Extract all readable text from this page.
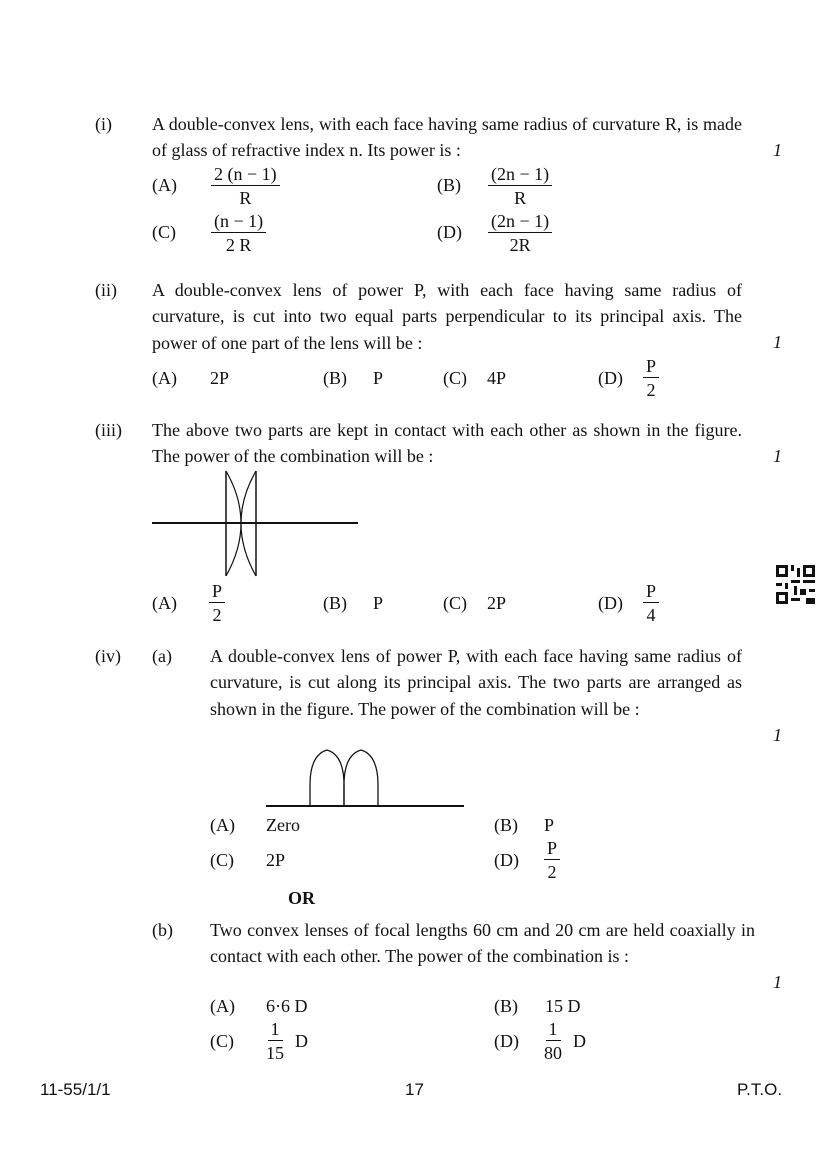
(i) A double-convex lens, with each face having same radius of curvature R, is made of glass of refractive index n. Its power is :	1
$(A) \frac{2 (n - 1)}{R}$	$(B) \frac{(2n - 1)}{R}$
$(C) \frac{(n - 1)}{2 R}$	$(D) \frac{(2n - 1)}{2R}$
(ii) A double-convex lens of power P, with each face having same radius of curvature, is cut into two equal parts perpendicular to its principal axis. The power of one part of the lens will be :	1
(A) 2P	(B) P	(C) 4P	$(D) \frac{P}{2}$
(iii) The above two parts are kept in contact with each other as shown in the figure. The power of the combination will be :	1
$(A) \frac{P}{2}$	(B) P	(C) 2P	$(D) \frac{P}{4}$
(iv) (a) A double-convex lens of power P, with each face having same radius of curvature, is cut along its principal axis. The two parts are arranged as shown in the figure. The power of the combination will be :
1
(A) Zero	(B) P
(C) 2P	$(D) \frac{P}{2}$
OR
(b) Two convex lenses of focal lengths 60 cm and 20 cm are held coaxially in contact with each other. The power of the combination is :
1
(A) 6·6 D	(B) 15 D
$(C) \frac{1}{15}$ D	$(D) \frac{1}{80}$ D
11-55/1/1	17	P.T.O.
